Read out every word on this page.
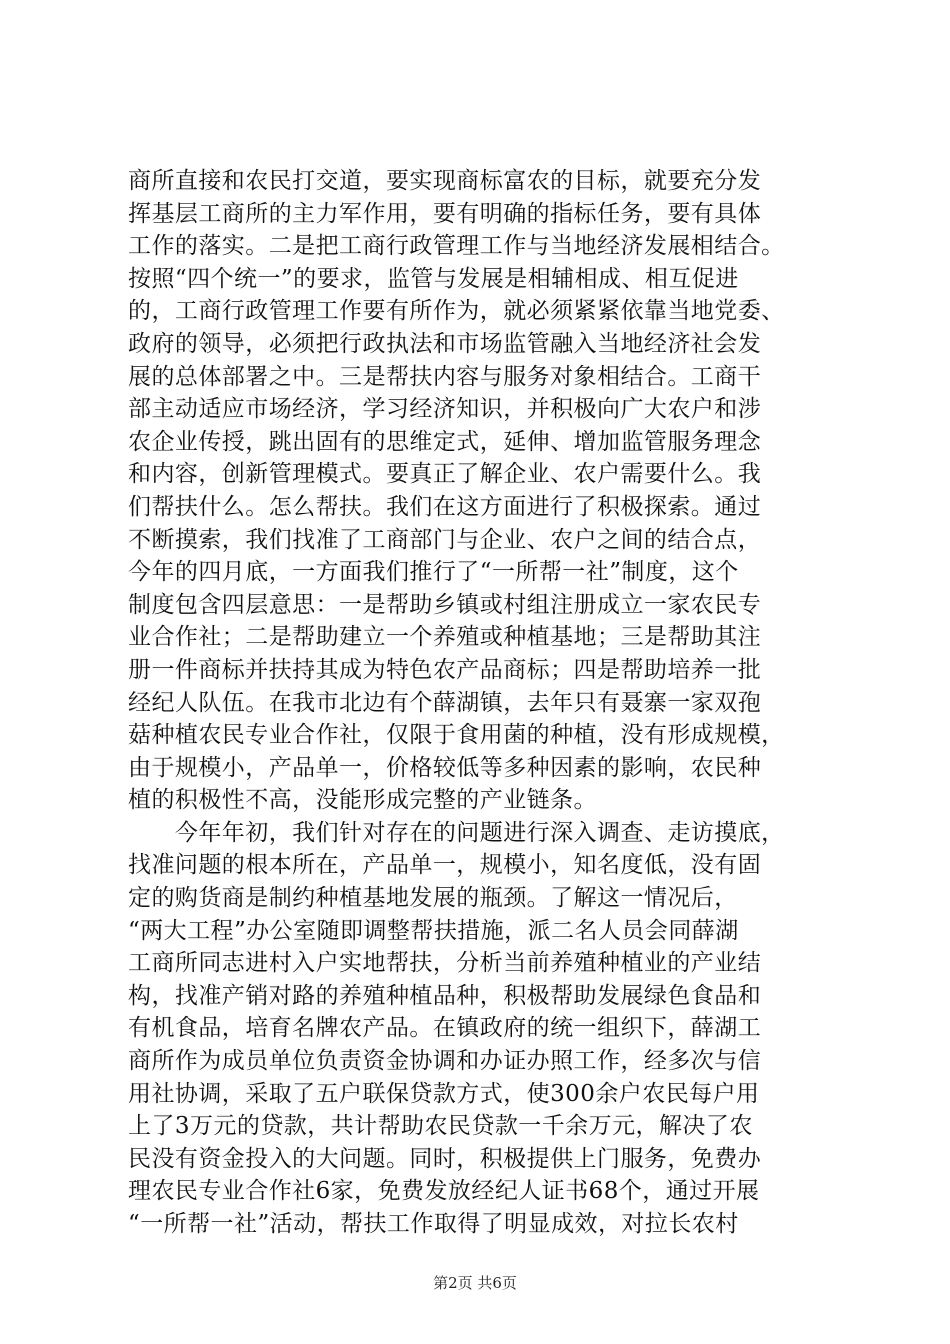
商所直接和农民打交道，要实现商标富农的目标，就要充分发
挥基层工商所的主力军作用，要有明确的指标任务，要有具体
工作的落实。二是把工商行政管理工作与当地经济发展相结合。
按照“四个统一”的要求，监管与发展是相辅相成、相互促进
的，工商行政管理工作要有所作为，就必须紧紧依靠当地党委、
政府的领导，必须把行政执法和市场监管融入当地经济社会发
展的总体部署之中。三是帮扶内容与服务对象相结合。工商干
部主动适应市场经济，学习经济知识，并积极向广大农户和涉
农企业传授，跳出固有的思维定式，延伸、增加监管服务理念
和内容，创新管理模式。要真正了解企业、农户需要什么。我
们帮扶什么。怎么帮扶。我们在这方面进行了积极探索。通过
不断摸索，我们找准了工商部门与企业、农户之间的结合点，
今年的四月底，一方面我们推行了“一所帮一社”制度，这个
制度包含四层意思：一是帮助乡镇或村组注册成立一家农民专
业合作社；二是帮助建立一个养殖或种植基地；三是帮助其注
册一件商标并扶持其成为特色农产品商标；四是帮助培养一批
经纪人队伍。在我市北边有个薛湖镇，去年只有聂寨一家双孢
菇种植农民专业合作社，仅限于食用菌的种植，没有形成规模，
由于规模小，产品单一，价格较低等多种因素的影响，农民种
植的积极性不高，没能形成完整的产业链条。
　　今年年初，我们针对存在的问题进行深入调查、走访摸底，
找准问题的根本所在，产品单一，规模小，知名度低，没有固
定的购货商是制约种植基地发展的瓶颈。了解这一情况后，
“两大工程”办公室随即调整帮扶措施，派二名人员会同薛湖
工商所同志进村入户实地帮扶，分析当前养殖种植业的产业结
构，找准产销对路的养殖种植品种，积极帮助发展绿色食品和
有机食品，培育名牌农产品。在镇政府的统一组织下，薛湖工
商所作为成员单位负责资金协调和办证办照工作，经多次与信
用社协调，采取了五户联保贷款方式，使300余户农民每户用
上了3万元的贷款，共计帮助农民贷款一千余万元，解决了农
民没有资金投入的大问题。同时，积极提供上门服务，免费办
理农民专业合作社6家，免费发放经纪人证书68个，通过开展
“一所帮一社”活动，帮扶工作取得了明显成效，对拉长农村
第2页 共6页
